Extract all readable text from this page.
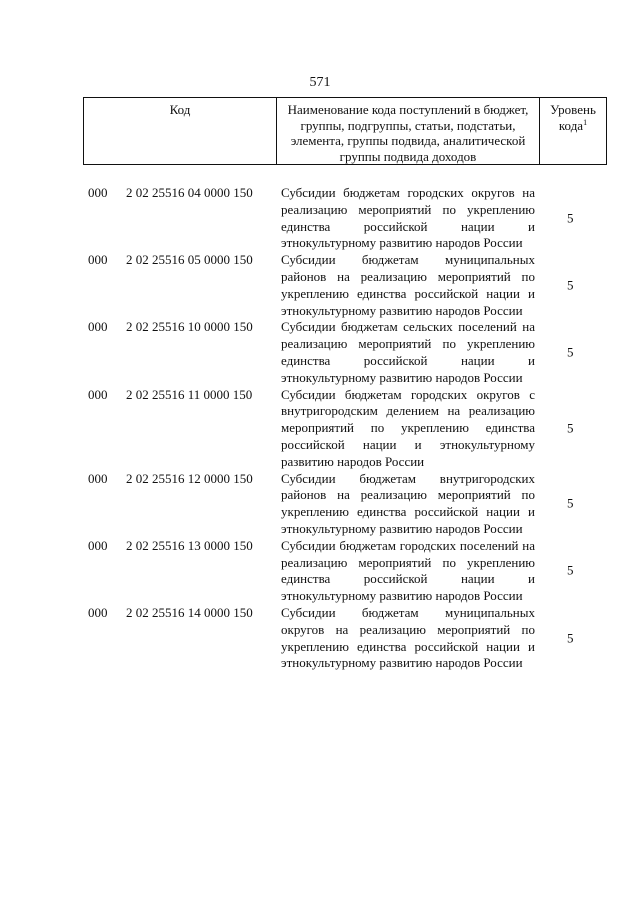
571
Код	Наименование кода поступлений в бюджет, группы, подгруппы, статьи, подстатьи, элемента, группы подвида, аналитической группы подвида доходов
Уровень кода$^1$
000 2 02 25516 04 0000 150 Субсидии бюджетам городских округов на реализацию мероприятий по укреплению единства российской нации и этнокультурному развитию народов России
5
000 2 02 25516 05 0000 150 Субсидии бюджетам муниципальных районов на реализацию мероприятий по укреплению единства российской нации и этнокультурному развитию народов России
5
000 2 02 25516 10 0000 150 Субсидии бюджетам сельских поселений на реализацию мероприятий по укреплению единства российской нации и этнокультурному развитию народов России
5
000 2 02 25516 11 0000 150 Субсидии бюджетам городских округов с внутригородским делением на реализацию мероприятий по укреплению единства российской нации и этнокультурному развитию народов России
5
000 2 02 25516 12 0000 150 Субсидии бюджетам внутригородских районов на реализацию мероприятий по укреплению единства российской нации и этнокультурному развитию народов России
5
000 2 02 25516 13 0000 150 Субсидии бюджетам городских поселений на реализацию мероприятий по укреплению единства российской нации и этнокультурному развитию народов России
5
000 2 02 25516 14 0000 150 Субсидии бюджетам муниципальных округов на реализацию мероприятий по укреплению единства российской нации и этнокультурному развитию народов России
5
